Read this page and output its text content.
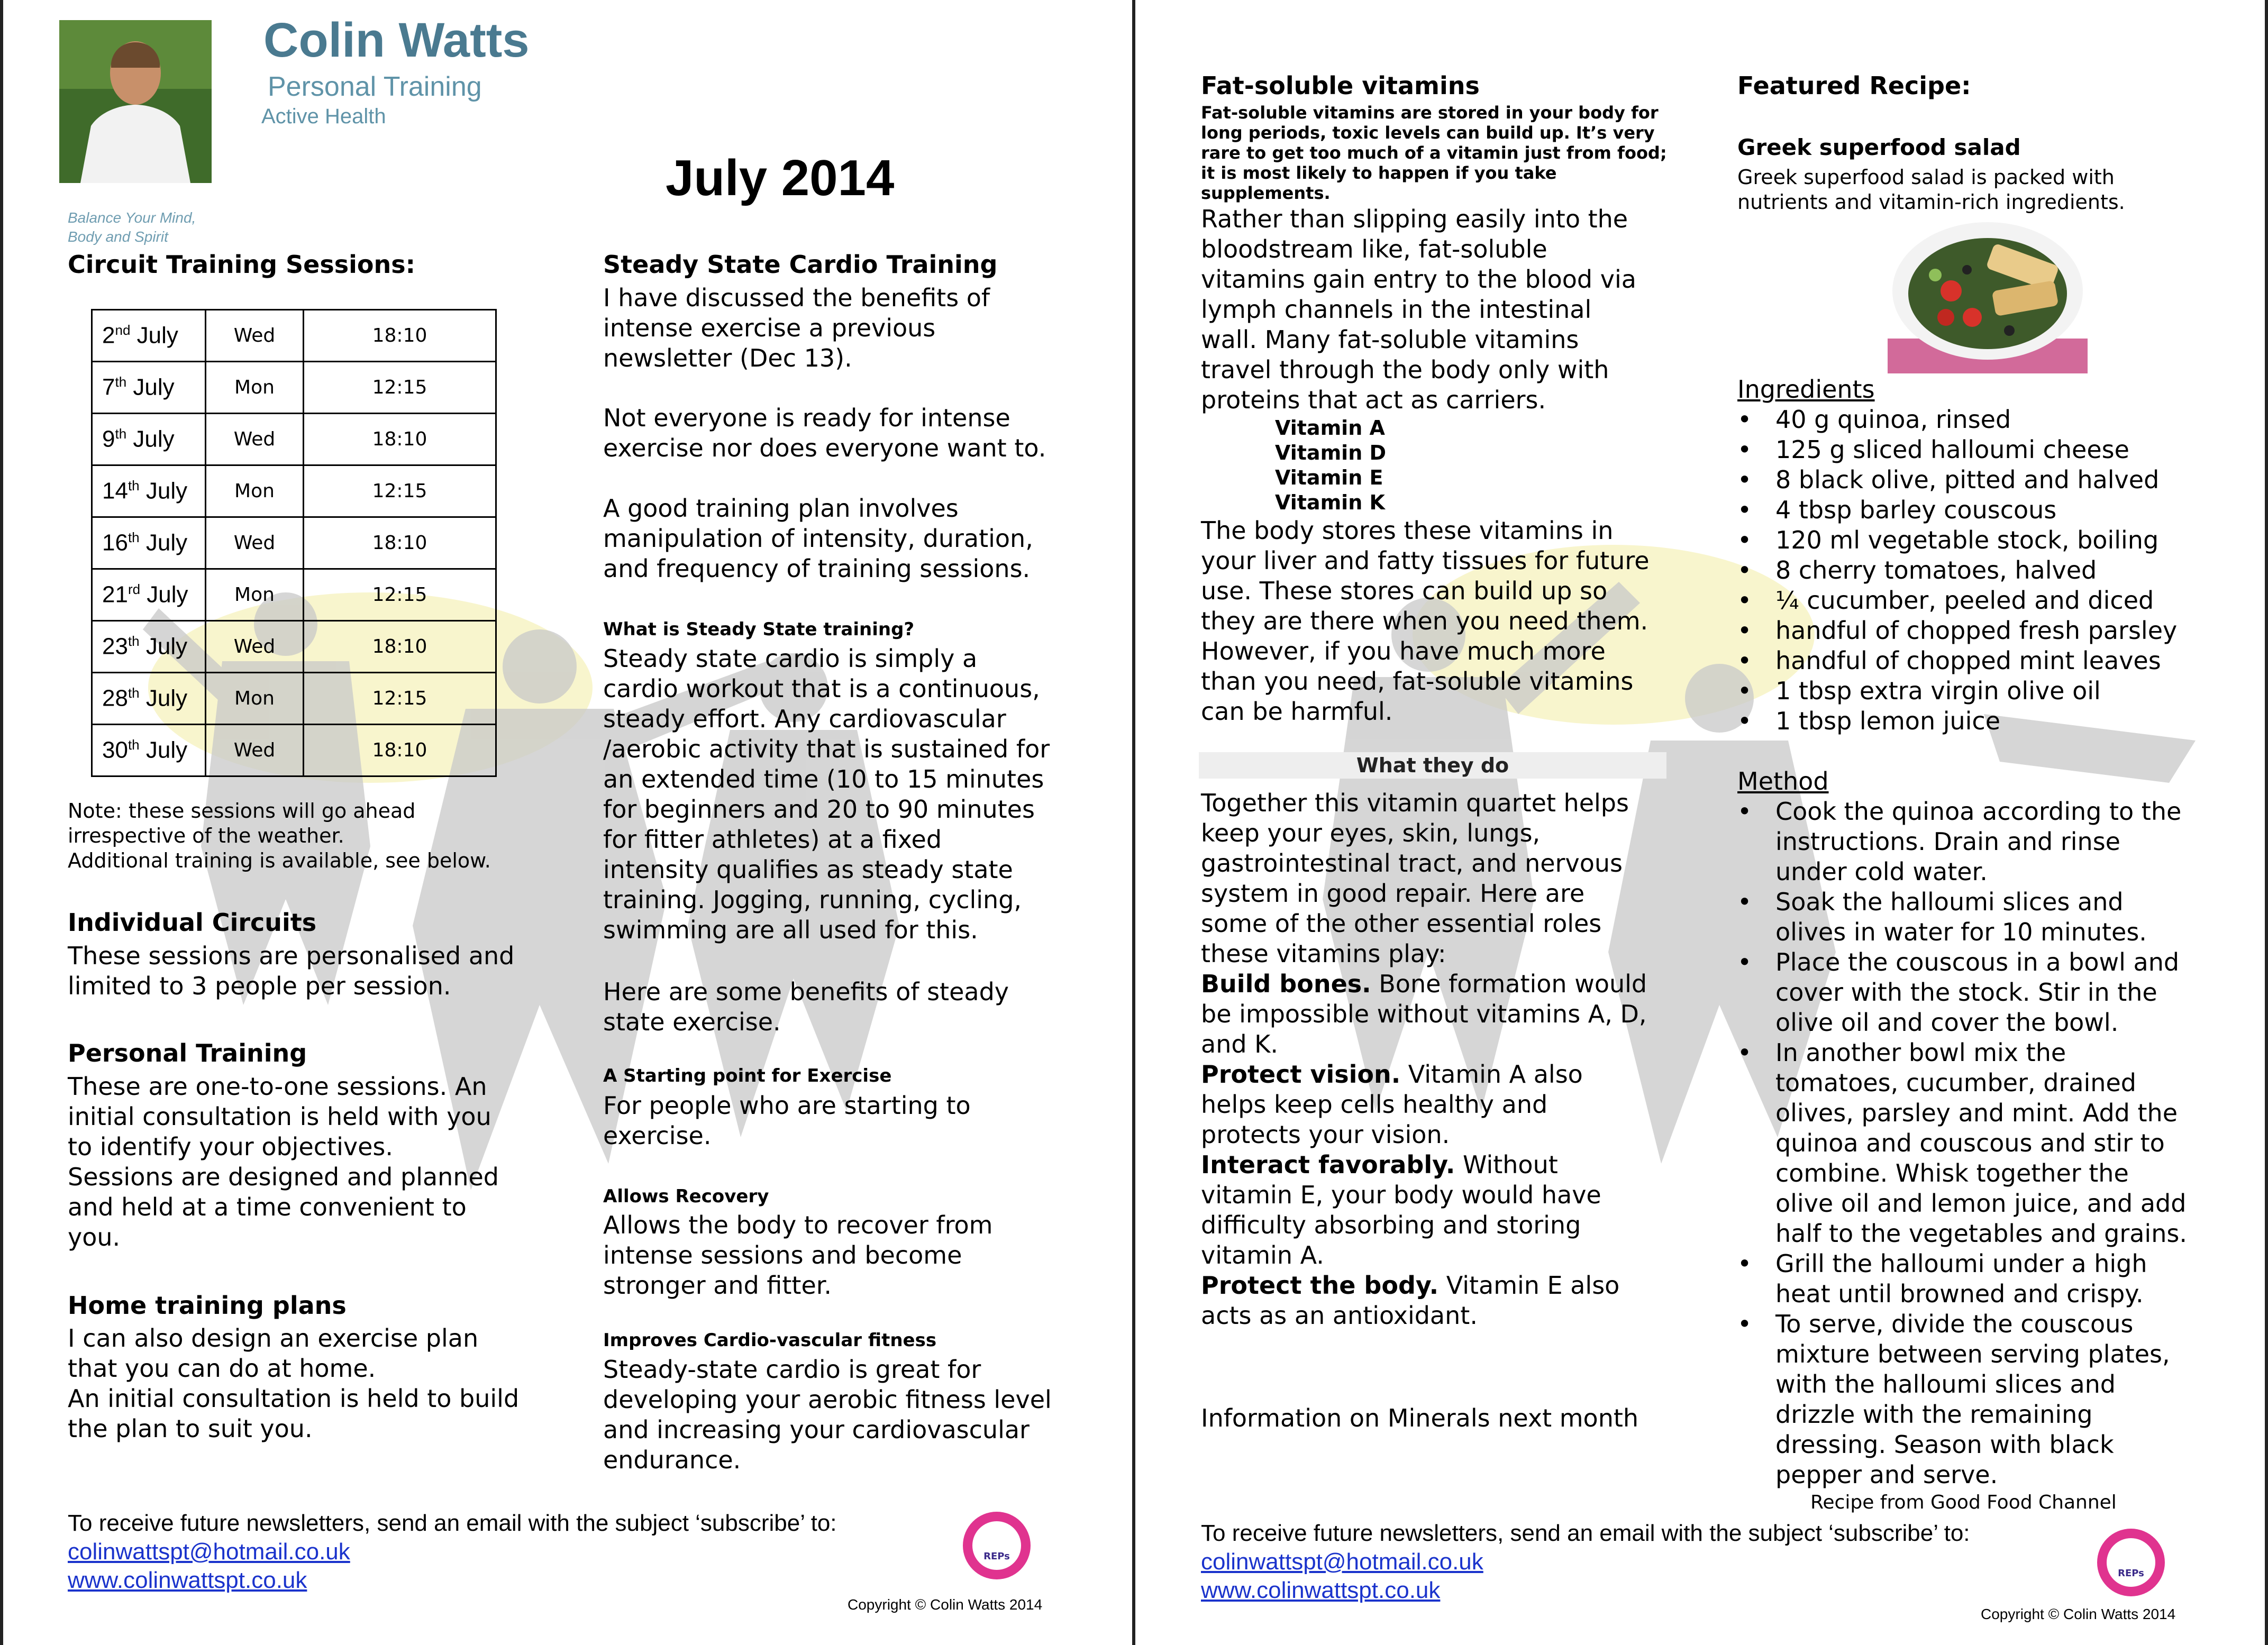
Colin Watts
Personal Training
Active Health
Balance Your Mind,
Body and Spirit
July 2014
Circuit Training Sessions:
2nd July	Wed	18:10
7th July	Mon	12:15
9th July	Wed	18:10
14th July	Mon	12:15
16th July	Wed	18:10
21rd July	Mon	12:15
23th July	Wed	18:10
28th July	Mon	12:15
30th July	Wed	18:10
Note: these sessions will go ahead
irrespective of the weather.
Additional training is available, see below.
Individual Circuits
These sessions are personalised and
limited to 3 people per session.
Personal Training
These are one-to-one sessions. An
initial consultation is held with you
to identify your objectives.
Sessions are designed and planned
and held at a time convenient to
you.
Home training plans
I can also design an exercise plan
that you can do at home.
An initial consultation is held to build
the plan to suit you.
Steady State Cardio Training
I have discussed the benefits of
intense exercise a previous
newsletter (Dec 13).
Not everyone is ready for intense
exercise nor does everyone want to.
A good training plan involves
manipulation of intensity, duration,
and frequency of training sessions.
What is Steady State training?
Steady state cardio is simply a
cardio workout that is a continuous,
steady effort. Any cardiovascular
/aerobic activity that is sustained for
an extended time (10 to 15 minutes
for beginners and 20 to 90 minutes
for fitter athletes) at a fixed
intensity qualifies as steady state
training. Jogging, running, cycling,
swimming are all used for this.
Here are some benefits of steady
state exercise.
A Starting point for Exercise
For people who are starting to
exercise.
Allows Recovery
Allows the body to recover from
intense sessions and become
stronger and fitter.
Improves Cardio-vascular fitness
Steady-state cardio is great for
developing your aerobic fitness level
and increasing your cardiovascular
endurance.
To receive future newsletters, send an email with the subject ‘subscribe’ to:
colinwattspt@hotmail.co.uk
www.colinwattspt.co.uk
REPs
Copyright © Colin Watts 2014
Fat-soluble vitamins
Fat-soluble vitamins are stored in your body for
long periods, toxic levels can build up. It’s very
rare to get too much of a vitamin just from food;
it is most likely to happen if you take
supplements.
Rather than slipping easily into the
bloodstream like, fat-soluble
vitamins gain entry to the blood via
lymph channels in the intestinal
wall. Many fat-soluble vitamins
travel through the body only with
proteins that act as carriers.
Vitamin A
Vitamin D
Vitamin E
Vitamin K
The body stores these vitamins in
your liver and fatty tissues for future
use. These stores can build up so
they are there when you need them.
However, if you have much more
than you need, fat-soluble vitamins
can be harmful.
What they do
Together this vitamin quartet helps
keep your eyes, skin, lungs,
gastrointestinal tract, and nervous
system in good repair. Here are
some of the other essential roles
these vitamins play:
Build bones. Bone formation would
be impossible without vitamins A, D,
and K.
Protect vision. Vitamin A also
helps keep cells healthy and
protects your vision.
Interact favorably. Without
vitamin E, your body would have
difficulty absorbing and storing
vitamin A.
Protect the body. Vitamin E also
acts as an antioxidant.
Information on Minerals next month
Featured Recipe:
Greek superfood salad
Greek superfood salad is packed with
nutrients and vitamin-rich ingredients.
Ingredients
• 40 g quinoa, rinsed
• 125 g sliced halloumi cheese
• 8 black olive, pitted and halved
• 4 tbsp barley couscous
• 120 ml vegetable stock, boiling
• 8 cherry tomatoes, halved
• ¼ cucumber, peeled and diced
• handful of chopped fresh parsley
• handful of chopped mint leaves
• 1 tbsp extra virgin olive oil
• 1 tbsp lemon juice
Method
• Cook the quinoa according to the
instructions. Drain and rinse
under cold water.
• Soak the halloumi slices and
olives in water for 10 minutes.
• Place the couscous in a bowl and
cover with the stock. Stir in the
olive oil and cover the bowl.
• In another bowl mix the
tomatoes, cucumber, drained
olives, parsley and mint. Add the
quinoa and couscous and stir to
combine. Whisk together the
olive oil and lemon juice, and add
half to the vegetables and grains.
• Grill the halloumi under a high
heat until browned and crispy.
• To serve, divide the couscous
mixture between serving plates,
with the halloumi slices and
drizzle with the remaining
dressing. Season with black
pepper and serve.
Recipe from Good Food Channel
To receive future newsletters, send an email with the subject ‘subscribe’ to:
colinwattspt@hotmail.co.uk
www.colinwattspt.co.uk
REPs
Copyright © Colin Watts 2014
